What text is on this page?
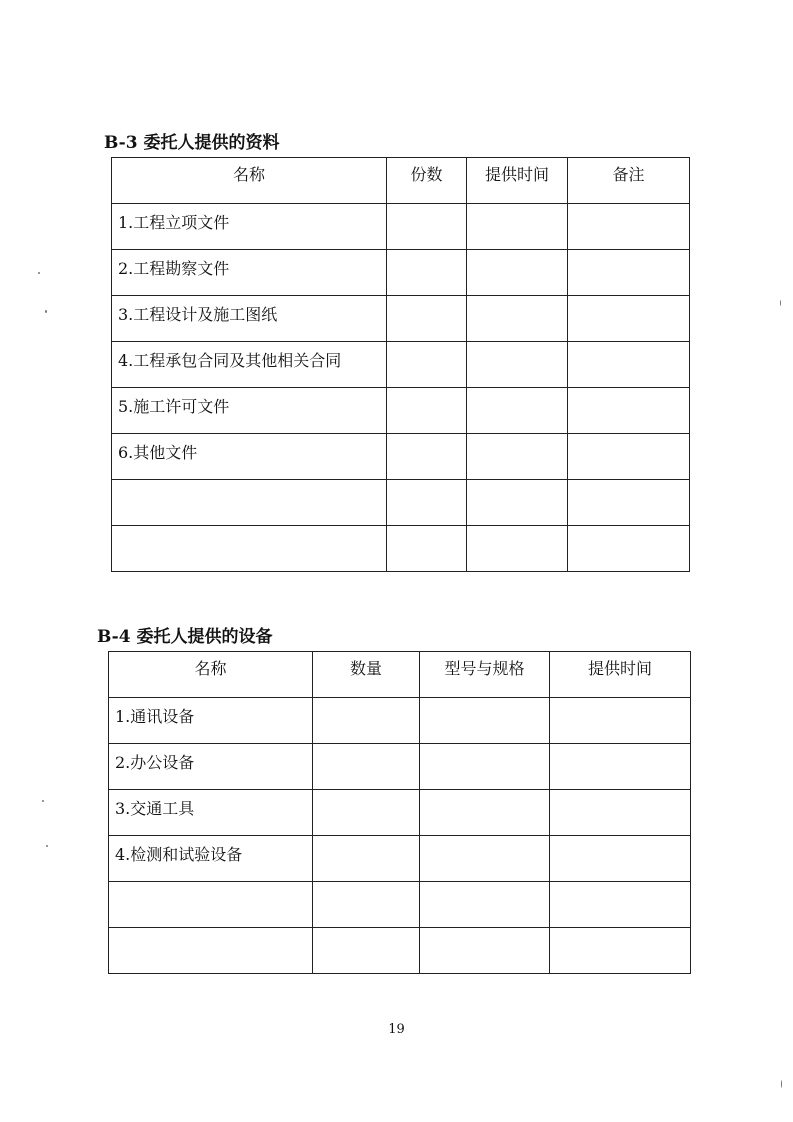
B-3 委托人提供的资料
名称	份数	提供时间	备注
1.工程立项文件			
2.工程勘察文件			
3.工程设计及施工图纸			
4.工程承包合同及其他相关合同			
5.施工许可文件			
6.其他文件			

B-4 委托人提供的设备
名称	数量	型号与规格	提供时间
1.通讯设备			
2.办公设备			
3.交通工具			
4.检测和试验设备			

19
